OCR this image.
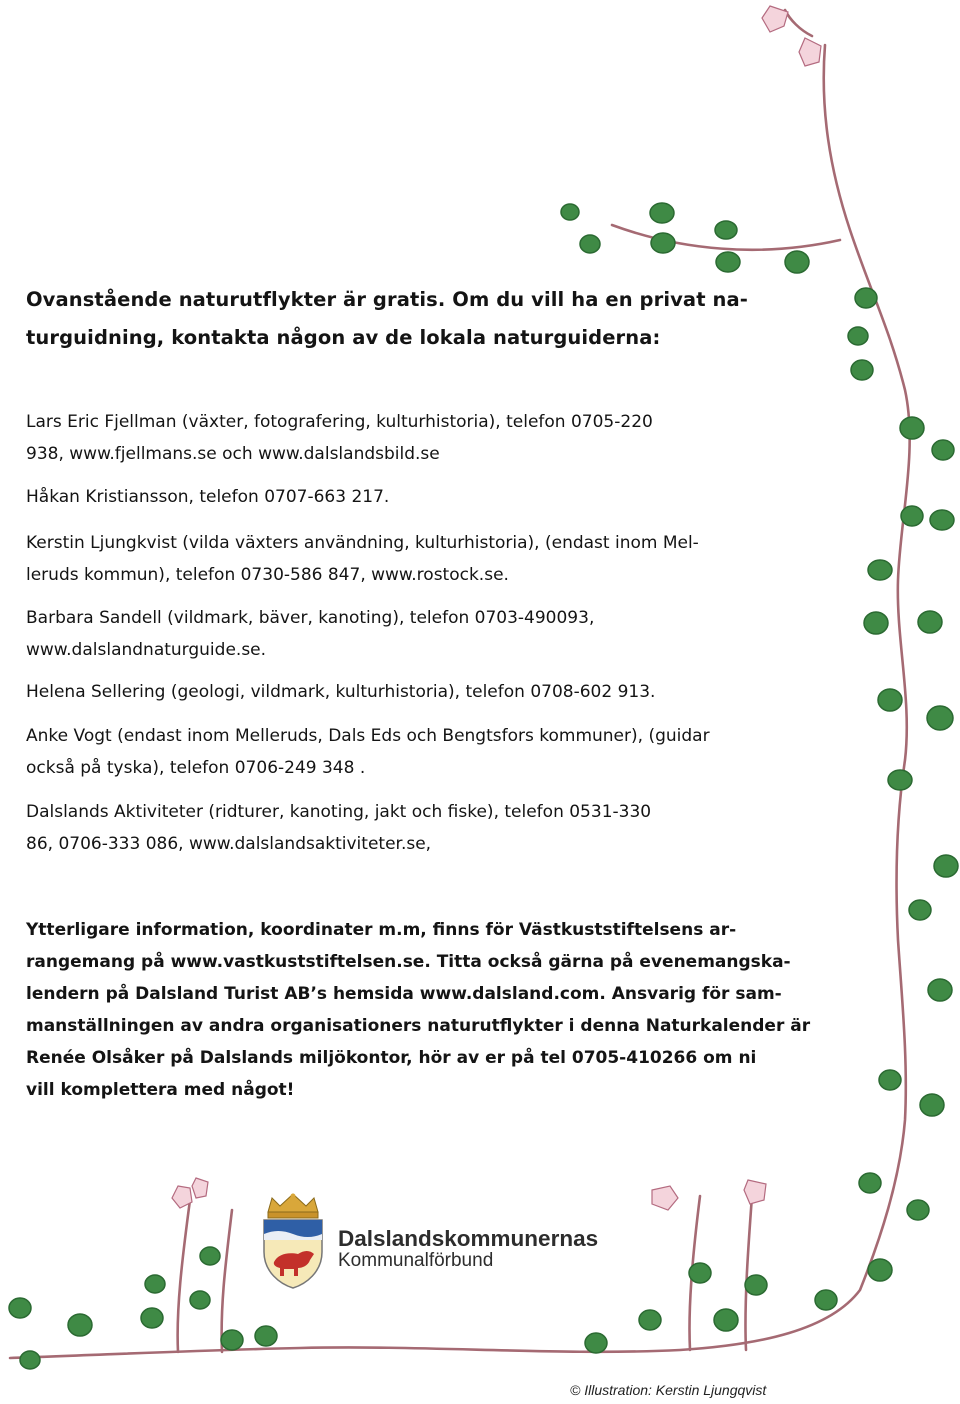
Ovanstående naturutflykter är gratis. Om du vill ha en privat na-
turguidning, kontakta någon av de lokala naturguiderna:
Lars Eric Fjellman (växter, fotografering, kulturhistoria), telefon 0705-220
938, www.fjellmans.se och www.dalslandsbild.se
Håkan Kristiansson, telefon 0707-663 217.
Kerstin Ljungkvist (vilda växters användning, kulturhistoria), (endast inom Mel-
leruds kommun), telefon 0730-586 847, www.rostock.se.
Barbara Sandell (vildmark, bäver, kanoting), telefon 0703-490093,
www.dalslandnaturguide.se.
Helena Sellering (geologi, vildmark, kulturhistoria), telefon 0708-602 913.
Anke Vogt (endast inom Melleruds, Dals Eds och Bengtsfors kommuner), (guidar
också på tyska), telefon 0706-249 348 .
Dalslands Aktiviteter (ridturer, kanoting, jakt och fiske), telefon 0531-330
86, 0706-333 086, www.dalslandsaktiviteter.se,
Ytterligare information, koordinater m.m, finns för Västkuststiftelsens ar-
rangemang på www.vastkuststiftelsen.se. Titta också gärna på evenemangska-
lendern på Dalsland Turist AB’s hemsida www.dalsland.com. Ansvarig för sam-
manställningen av andra organisationers naturutflykter i denna Naturkalender är
Renée Olsåker på Dalslands miljökontor, hör av er på tel 0705-410266 om ni
vill komplettera med något!
Dalslandskommunernas
Kommunalförbund
© Illustration: Kerstin Ljungqvist
